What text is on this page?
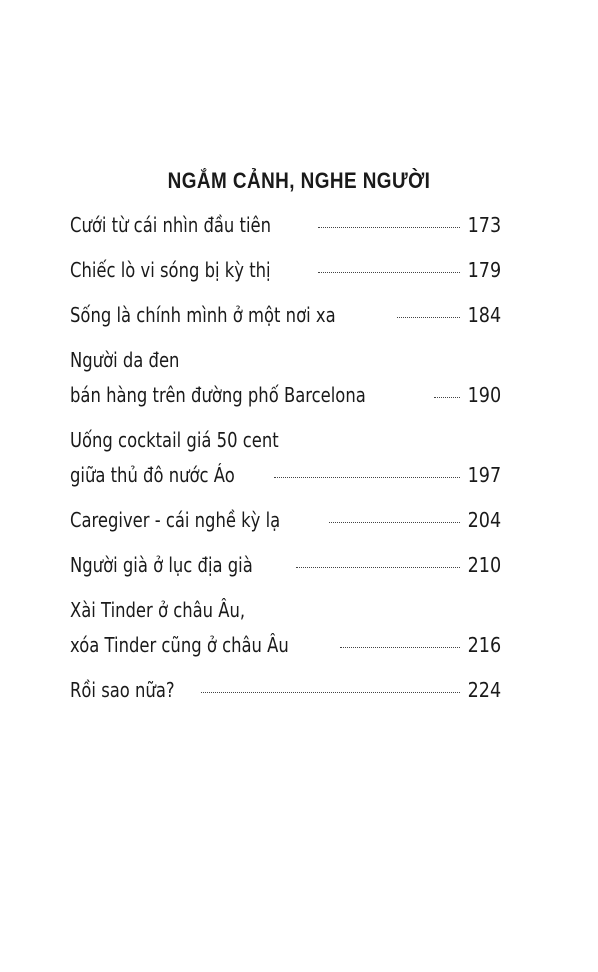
NGẮM CẢNH, NGHE NGƯỜI
Cưới từ cái nhìn đầu tiên	173
Chiếc lò vi sóng bị kỳ thị	179
Sống là chính mình ở một nơi xa	184
Người da đen
bán hàng trên đường phố Barcelona	190
Uống cocktail giá 50 cent
giữa thủ đô nước Áo	197
Caregiver - cái nghề kỳ lạ	204
Người già ở lục địa già	210
Xài Tinder ở châu Âu,
xóa Tinder cũng ở châu Âu	216
Rồi sao nữa?	224
